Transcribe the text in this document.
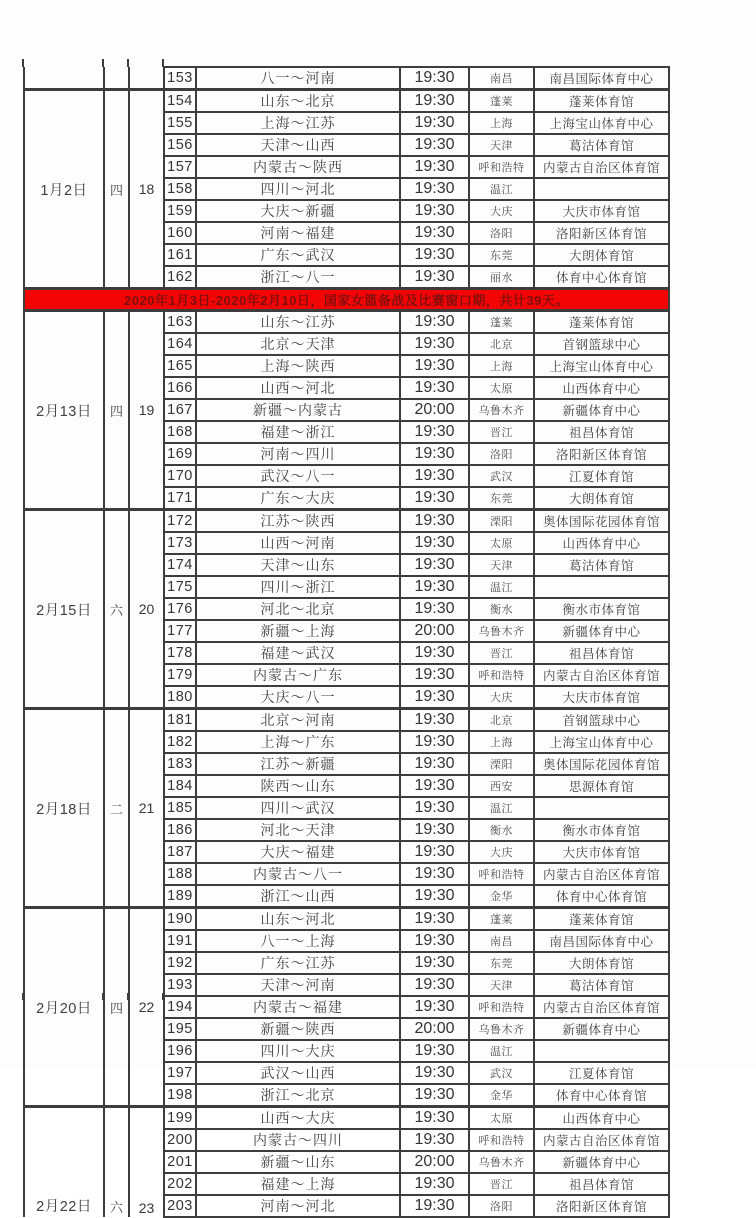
			153	八一～河南	19:30	南昌	南昌国际体育中心
1月2日	四	18	154	山东～北京	19:30	蓬莱	蓬莱体育馆
			155	上海～江苏	19:30	上海	上海宝山体育中心
			156	天津～山西	19:30	天津	葛沽体育馆
			157	内蒙古～陕西	19:30	呼和浩特	内蒙古自治区体育馆
			158	四川～河北	19:30	温江	
			159	大庆～新疆	19:30	大庆	大庆市体育馆
			160	河南～福建	19:30	洛阳	洛阳新区体育馆
			161	广东～武汉	19:30	东莞	大朗体育馆
			162	浙江～八一	19:30	丽水	体育中心体育馆
2020年1月3日-2020年2月10日，国家女篮备战及比赛窗口期，共计39天。							
2月13日	四	19	163	山东～江苏	19:30	蓬莱	蓬莱体育馆
			164	北京～天津	19:30	北京	首钢篮球中心
			165	上海～陕西	19:30	上海	上海宝山体育中心
			166	山西～河北	19:30	太原	山西体育中心
			167	新疆～内蒙古	20:00	乌鲁木齐	新疆体育中心
			168	福建～浙江	19:30	晋江	祖昌体育馆
			169	河南～四川	19:30	洛阳	洛阳新区体育馆
			170	武汉～八一	19:30	武汉	江夏体育馆
			171	广东～大庆	19:30	东莞	大朗体育馆
2月15日	六	20	172	江苏～陕西	19:30	溧阳	奥体国际花园体育馆
			173	山西～河南	19:30	太原	山西体育中心
			174	天津～山东	19:30	天津	葛沽体育馆
			175	四川～浙江	19:30	温江	
			176	河北～北京	19:30	衡水	衡水市体育馆
			177	新疆～上海	20:00	乌鲁木齐	新疆体育中心
			178	福建～武汉	19:30	晋江	祖昌体育馆
			179	内蒙古～广东	19:30	呼和浩特	内蒙古自治区体育馆
			180	大庆～八一	19:30	大庆	大庆市体育馆
2月18日	二	21	181	北京～河南	19:30	北京	首钢篮球中心
			182	上海～广东	19:30	上海	上海宝山体育中心
			183	江苏～新疆	19:30	溧阳	奥体国际花园体育馆
			184	陕西～山东	19:30	西安	思源体育馆
			185	四川～武汉	19:30	温江	
			186	河北～天津	19:30	衡水	衡水市体育馆
			187	大庆～福建	19:30	大庆	大庆市体育馆
			188	内蒙古～八一	19:30	呼和浩特	内蒙古自治区体育馆
			189	浙江～山西	19:30	金华	体育中心体育馆
2月20日	四	22	190	山东～河北	19:30	蓬莱	蓬莱体育馆
			191	八一～上海	19:30	南昌	南昌国际体育中心
			192	广东～江苏	19:30	东莞	大朗体育馆
			193	天津～河南	19:30	天津	葛沽体育馆
			194	内蒙古～福建	19:30	呼和浩特	内蒙古自治区体育馆
			195	新疆～陕西	20:00	乌鲁木齐	新疆体育中心
			196	四川～大庆	19:30	温江	
			197	武汉～山西	19:30	武汉	江夏体育馆
			198	浙江～北京	19:30	金华	体育中心体育馆
2月22日	六	23	199	山西～大庆	19:30	太原	山西体育中心
			200	内蒙古～四川	19:30	呼和浩特	内蒙古自治区体育馆
			201	新疆～山东	20:00	乌鲁木齐	新疆体育中心
			202	福建～上海	19:30	晋江	祖昌体育馆
			203	河南～河北	19:30	洛阳	洛阳新区体育馆
